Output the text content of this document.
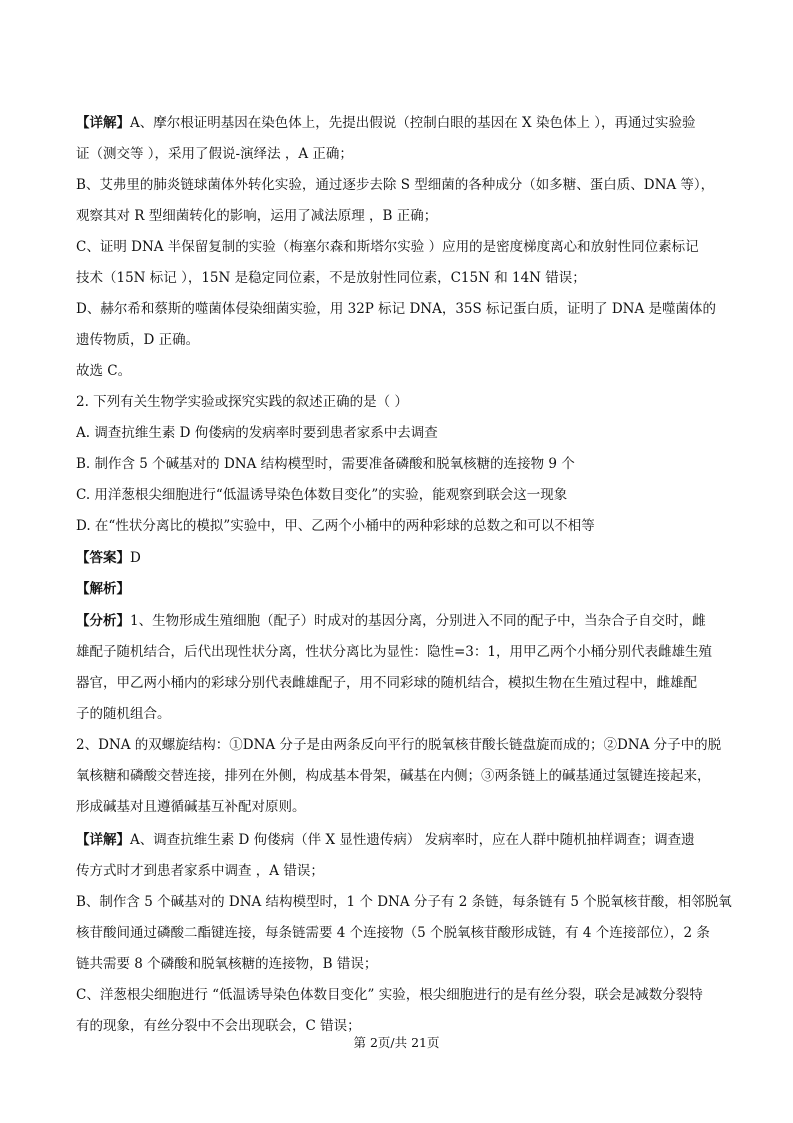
【详解】A、摩尔根证明基因在染色体上，先提出假说（控制白眼的基因在 X 染色体上 ），再通过实验验
证（测交等 ），采用了假说-演绎法 ，A 正确；
B、艾弗里的肺炎链球菌体外转化实验，通过逐步去除 S 型细菌的各种成分（如多糖、蛋白质、DNA 等），
观察其对 R 型细菌转化的影响，运用了减法原理 ，B 正确；
C、证明 DNA 半保留复制的实验（梅塞尔森和斯塔尔实验 ）应用的是密度梯度离心和放射性同位素标记
技术（15N 标记 ），15N 是稳定同位素，不是放射性同位素，C15N 和 14N 错误；
D、赫尔希和蔡斯的噬菌体侵染细菌实验，用 32P 标记 DNA，35S 标记蛋白质，证明了 DNA 是噬菌体的
遗传物质，D 正确。
故选 C。
2. 下列有关生物学实验或探究实践的叙述正确的是（ ）
A. 调查抗维生素 D 佝偻病的发病率时要到患者家系中去调查
B. 制作含 5 个碱基对的 DNA 结构模型时，需要准备磷酸和脱氧核糖的连接物 9 个
C. 用洋葱根尖细胞进行“低温诱导染色体数目变化”的实验，能观察到联会这一现象
D. 在“性状分离比的模拟”实验中，甲、乙两个小桶中的两种彩球的总数之和可以不相等
【答案】D
【解析】
【分析】1、生物形成生殖细胞（配子）时成对的基因分离，分别进入不同的配子中，当杂合子自交时，雌
雄配子随机结合，后代出现性状分离，性状分离比为显性：隐性=3：1，用甲乙两个小桶分别代表雌雄生殖
器官，甲乙两小桶内的彩球分别代表雌雄配子，用不同彩球的随机结合，模拟生物在生殖过程中，雌雄配
子的随机组合。
2、DNA 的双螺旋结构：①DNA 分子是由两条反向平行的脱氧核苷酸长链盘旋而成的；②DNA 分子中的脱
氧核糖和磷酸交替连接，排列在外侧，构成基本骨架，碱基在内侧；③两条链上的碱基通过氢键连接起来，
形成碱基对且遵循碱基互补配对原则。
【详解】A、调查抗维生素 D 佝偻病（伴 X 显性遗传病） 发病率时，应在人群中随机抽样调查；调查遗
传方式时才到患者家系中调查 ，A 错误；
B、制作含 5 个碱基对的 DNA 结构模型时，1 个 DNA 分子有 2 条链，每条链有 5 个脱氧核苷酸，相邻脱氧
核苷酸间通过磷酸二酯键连接，每条链需要 4 个连接物（5 个脱氧核苷酸形成链，有 4 个连接部位），2 条
链共需要 8 个磷酸和脱氧核糖的连接物，B 错误；
C、洋葱根尖细胞进行 “低温诱导染色体数目变化” 实验，根尖细胞进行的是有丝分裂，联会是减数分裂特
有的现象，有丝分裂中不会出现联会，C 错误；
第 2页/共 21页
